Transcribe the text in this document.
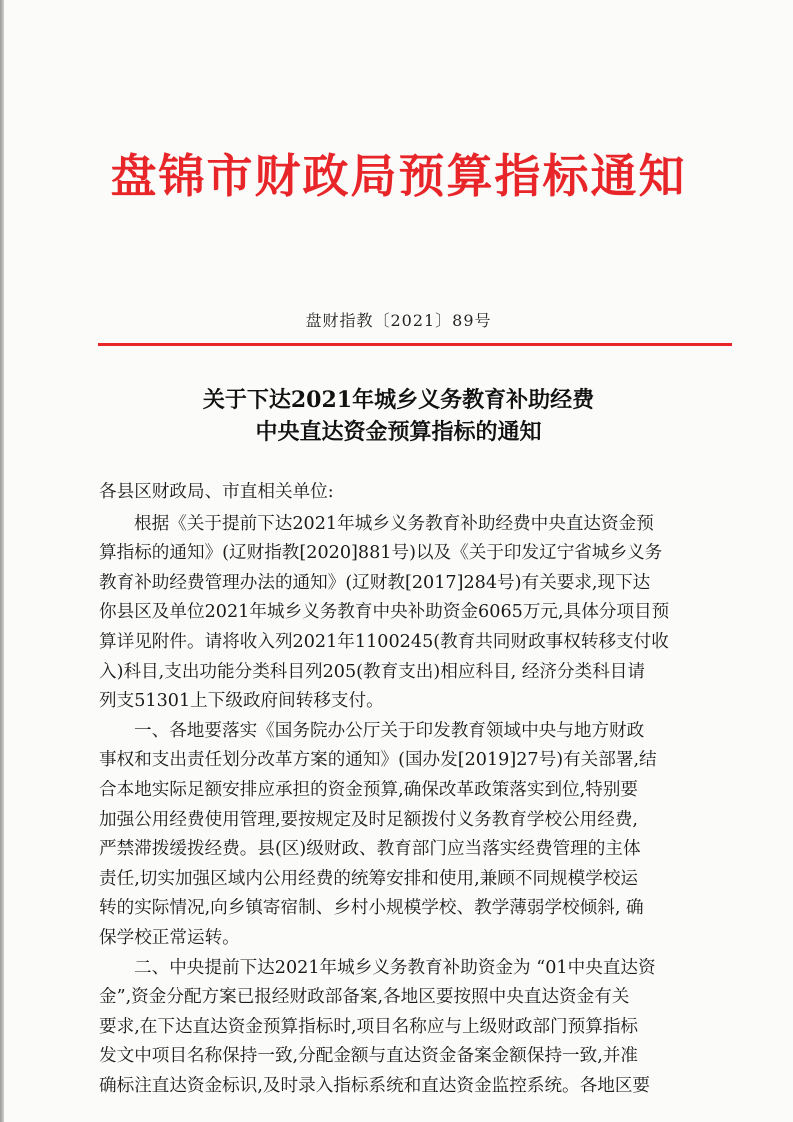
盘锦市财政局预算指标通知
盘财指教〔2021〕89号
关于下达2021年城乡义务教育补助经费
中央直达资金预算指标的通知
各县区财政局、市直相关单位:
根据《关于提前下达2021年城乡义务教育补助经费中央直达资金预
算指标的通知》(辽财指教[2020]881号)以及《关于印发辽宁省城乡义务
教育补助经费管理办法的通知》(辽财教[2017]284号)有关要求,现下达
你县区及单位2021年城乡义务教育中央补助资金6065万元,具体分项目预
算详见附件。请将收入列2021年1100245(教育共同财政事权转移支付收
入)科目,支出功能分类科目列205(教育支出)相应科目, 经济分类科目请
列支51301上下级政府间转移支付。
一、各地要落实《国务院办公厅关于印发教育领域中央与地方财政
事权和支出责任划分改革方案的通知》(国办发[2019]27号)有关部署,结
合本地实际足额安排应承担的资金预算,确保改革政策落实到位,特别要
加强公用经费使用管理,要按规定及时足额拨付义务教育学校公用经费,
严禁滞拨缓拨经费。县(区)级财政、教育部门应当落实经费管理的主体
责任,切实加强区域内公用经费的统筹安排和使用,兼顾不同规模学校运
转的实际情况,向乡镇寄宿制、乡村小规模学校、教学薄弱学校倾斜, 确
保学校正常运转。
二、中央提前下达2021年城乡义务教育补助资金为 “01中央直达资
金”,资金分配方案已报经财政部备案,各地区要按照中央直达资金有关
要求,在下达直达资金预算指标时,项目名称应与上级财政部门预算指标
发文中项目名称保持一致,分配金额与直达资金备案金额保持一致,并准
确标注直达资金标识,及时录入指标系统和直达资金监控系统。各地区要
